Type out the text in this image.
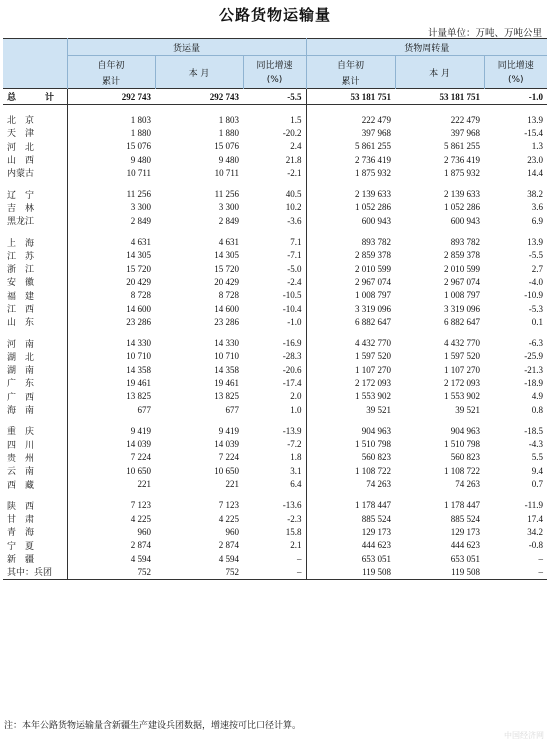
公路货物运输量
计量单位：万吨、万吨公里
	货运量			货物周转量		
	自年初	本 月	同比增速	自年初	本 月	同比增速
	累计		(%)	累计		(%)
总　计	292 743	292 743	-5.5	53 181 751	53 181 751	-1.0

北　京	1 803	1 803	1.5	222 479	222 479	13.9
天　津	1 880	1 880	-20.2	397 968	397 968	-15.4
河　北	15 076	15 076	2.4	5 861 255	5 861 255	1.3
山　西	9 480	9 480	21.8	2 736 419	2 736 419	23.0
内蒙古	10 711	10 711	-2.1	1 875 932	1 875 932	14.4

辽　宁	11 256	11 256	40.5	2 139 633	2 139 633	38.2
吉　林	3 300	3 300	10.2	1 052 286	1 052 286	3.6
黑龙江	2 849	2 849	-3.6	600 943	600 943	6.9

上　海	4 631	4 631	7.1	893 782	893 782	13.9
江　苏	14 305	14 305	-7.1	2 859 378	2 859 378	-5.5
浙　江	15 720	15 720	-5.0	2 010 599	2 010 599	2.7
安　徽	20 429	20 429	-2.4	2 967 074	2 967 074	-4.0
福　建	8 728	8 728	-10.5	1 008 797	1 008 797	-10.9
江　西	14 600	14 600	-10.4	3 319 096	3 319 096	-5.3
山　东	23 286	23 286	-1.0	6 882 647	6 882 647	0.1

河　南	14 330	14 330	-16.9	4 432 770	4 432 770	-6.3
湖　北	10 710	10 710	-28.3	1 597 520	1 597 520	-25.9
湖　南	14 358	14 358	-20.6	1 107 270	1 107 270	-21.3
广　东	19 461	19 461	-17.4	2 172 093	2 172 093	-18.9
广　西	13 825	13 825	2.0	1 553 902	1 553 902	4.9
海　南	677	677	1.0	39 521	39 521	0.8

重　庆	9 419	9 419	-13.9	904 963	904 963	-18.5
四　川	14 039	14 039	-7.2	1 510 798	1 510 798	-4.3
贵　州	7 224	7 224	1.8	560 823	560 823	5.5
云　南	10 650	10 650	3.1	1 108 722	1 108 722	9.4
西　藏	221	221	6.4	74 263	74 263	0.7

陕　西	7 123	7 123	-13.6	1 178 447	1 178 447	-11.9
甘　肃	4 225	4 225	-2.3	885 524	885 524	17.4
青　海	960	960	15.8	129 173	129 173	34.2
宁　夏	2 874	2 874	2.1	444 623	444 623	-0.8
新　疆	4 594	4 594	–	653 051	653 051	–
其中：兵团	752	752	–	119 508	119 508	–
注：本年公路货物运输量含新疆生产建设兵团数据，增速按可比口径计算。
中国经济网
